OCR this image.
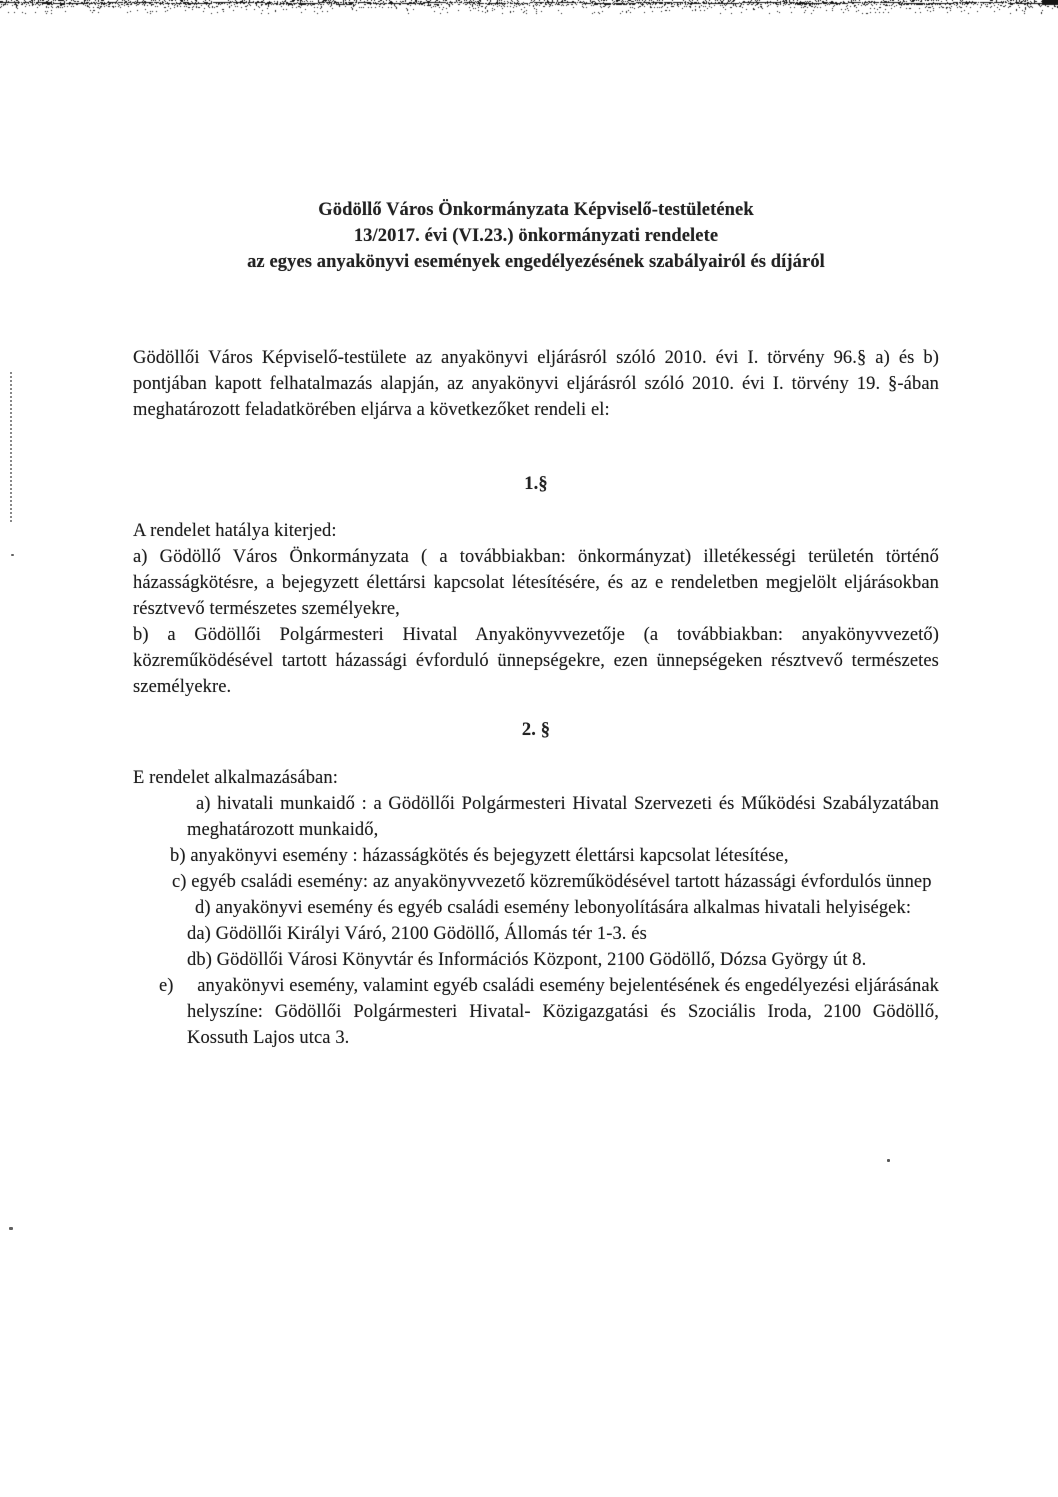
Gödöllő Város Önkormányzata Képviselő-testületének
13/2017. évi (VI.23.) önkormányzati rendelete
az egyes anyakönyvi események engedélyezésének szabályairól és díjáról
Gödöllői Város Képviselő-testülete az anyakönyvi eljárásról szóló 2010. évi I. törvény 96.§ a) és b) pontjában kapott felhatalmazás alapján, az anyakönyvi eljárásról szóló 2010. évi I. törvény 19. §-ában meghatározott feladatkörében eljárva a következőket rendeli el:
1.§
A rendelet hatálya kiterjed:
a) Gödöllő Város Önkormányzata ( a továbbiakban: önkormányzat) illetékességi területén történő házasságkötésre, a bejegyzett élettársi kapcsolat létesítésére, és az e rendeletben megjelölt eljárásokban résztvevő természetes személyekre,
b) a Gödöllői Polgármesteri Hivatal Anyakönyvvezetője (a továbbiakban: anyakönyvvezető) közreműködésével tartott házassági évforduló ünnepségekre, ezen ünnepségeken résztvevő természetes személyekre.
2. §
E rendelet alkalmazásában:
a) hivatali munkaidő : a Gödöllői Polgármesteri Hivatal Szervezeti és Működési Szabályzatában meghatározott munkaidő,
b) anyakönyvi esemény : házasságkötés és bejegyzett élettársi kapcsolat létesítése,
c) egyéb családi esemény: az anyakönyvvezető közreműködésével tartott házassági évfordulós ünnep
d) anyakönyvi esemény és egyéb családi esemény lebonyolítására alkalmas hivatali helyiségek:
da) Gödöllői Királyi Váró, 2100 Gödöllő, Állomás tér 1-3. és
db) Gödöllői Városi Könyvtár és Információs Központ, 2100 Gödöllő, Dózsa György út 8.
e)     anyakönyvi esemény, valamint egyéb családi esemény bejelentésének és engedélyezési eljárásának helyszíne: Gödöllői Polgármesteri Hivatal- Közigazgatási és Szociális Iroda, 2100 Gödöllő, Kossuth Lajos utca 3.
